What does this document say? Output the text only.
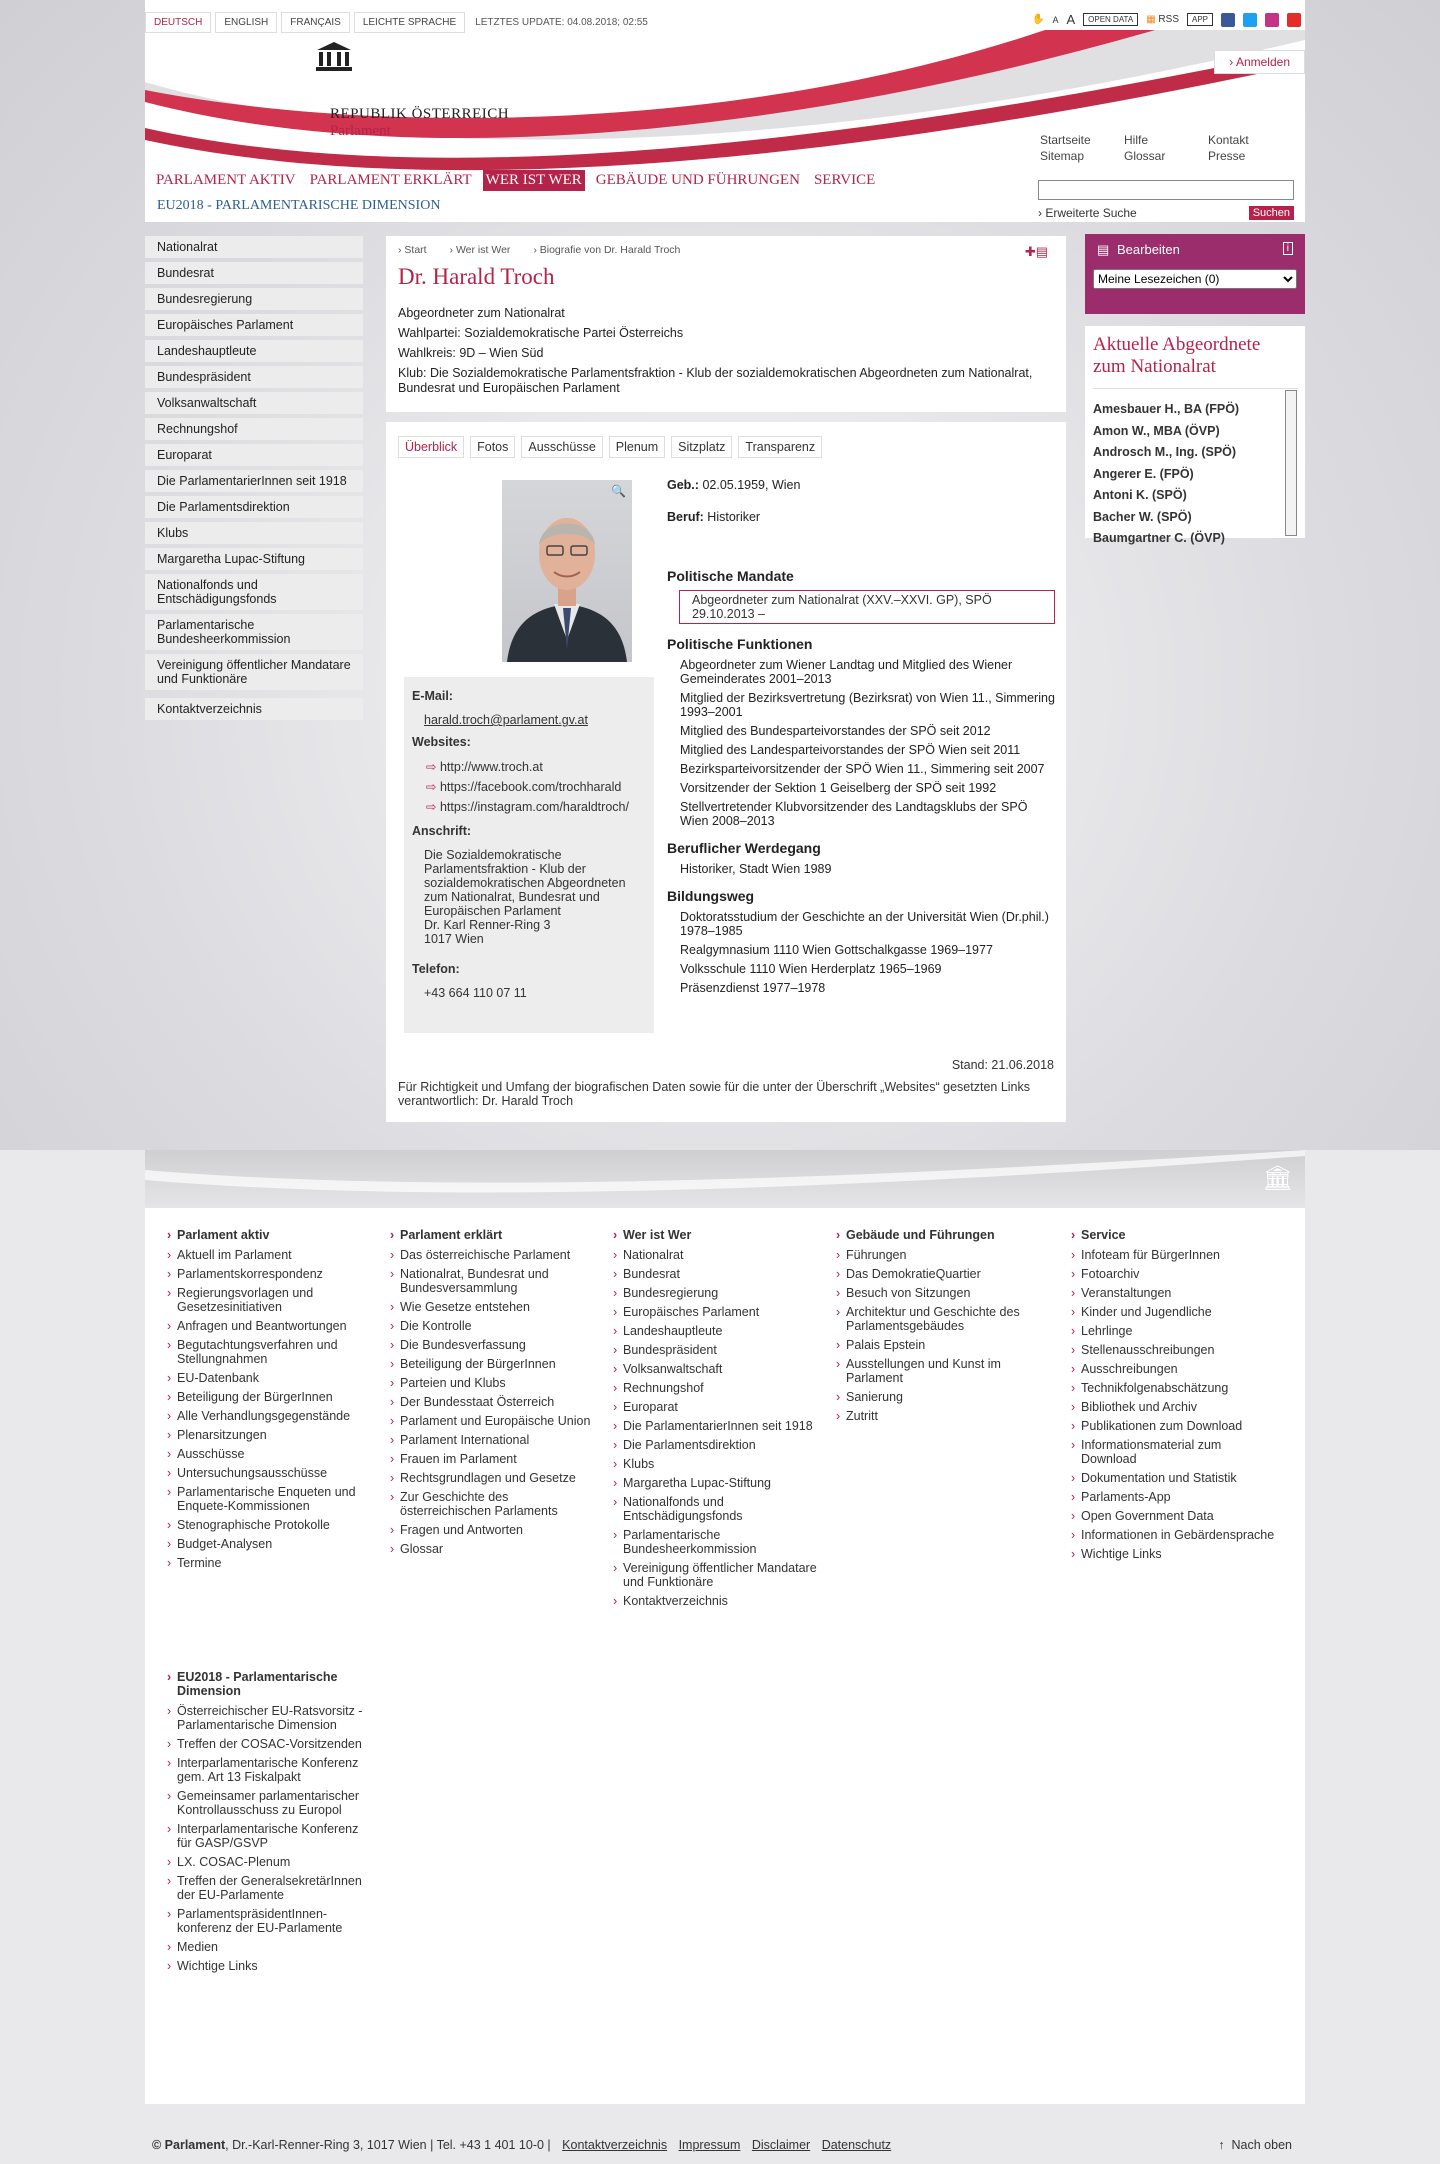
DEUTSCH	ENGLISH	FRANÇAIS	LEICHTE SPRACHE	LETZTES UPDATE: 04.08.2018; 02:55	✋ A A	OPEN DATA	▦ RSS	APP
REPUBLIK ÖSTERREICH
Parlament
› Anmelden
Startseite	Hilfe	Kontakt
Sitemap	Glossar	Presse
PARLAMENT AKTIV PARLAMENT ERKLÄRT WER IST WER GEBÄUDE UND FÜHRUNGEN SERVICE
EU2018 - PARLAMENTARISCHE DIMENSION	› Erweiterte Suche	Suchen
Nationalrat
Bundesrat
Bundesregierung
Europäisches Parlament
Landeshauptleute
Bundespräsident
Volksanwaltschaft
Rechnungshof
Europarat
Die ParlamentarierInnen seit 1918
Die Parlamentsdirektion
Klubs
Margaretha Lupac-Stiftung
Nationalfonds und Entschädigungsfonds
Parlamentarische Bundesheerkommission
Vereinigung öffentlicher Mandatare und Funktionäre
Kontaktverzeichnis
› Start › Wer ist Wer › Biografie von Dr. Harald Troch	✚▤
Dr. Harald Troch

Abgeordneter zum Nationalrat

Wahlpartei: Sozialdemokratische Partei Österreichs

Wahlkreis: 9D – Wien Süd

Klub: Die Sozialdemokratische Parlamentsfraktion - Klub der sozialdemokratischen Abgeordneten zum Nationalrat, Bundesrat und Europäischen Parlament

Überblick	Fotos	Ausschüsse	Plenum	Sitzplatz	Transparenz
🔍
E-Mail:
harald.troch@parlament.gv.at
Websites:
⇨ http://www.troch.at
⇨ https://facebook.com/trochharald
⇨ https://instagram.com/haraldtroch/
Anschrift:
Die Sozialdemokratische Parlamentsfraktion - Klub der sozialdemokratischen Abgeordneten zum Nationalrat, Bundesrat und Europäischen Parlament
Dr. Karl Renner-Ring 3
1017 Wien
Telefon:
+43 664 110 07 11
Geb.: 02.05.1959, Wien
Beruf: Historiker
Politische Mandate
Abgeordneter zum Nationalrat (XXV.–XXVI. GP), SPÖ
29.10.2013 –
Politische Funktionen
Abgeordneter zum Wiener Landtag und Mitglied des Wiener Gemeinderates 2001–2013
Mitglied der Bezirksvertretung (Bezirksrat) von Wien 11., Simmering 1993–2001
Mitglied des Bundesparteivorstandes der SPÖ seit 2012
Mitglied des Landesparteivorstandes der SPÖ Wien seit 2011
Bezirksparteivorsitzender der SPÖ Wien 11., Simmering seit 2007
Vorsitzender der Sektion 1 Geiselberg der SPÖ seit 1992
Stellvertretender Klubvorsitzender des Landtagsklubs der SPÖ Wien 2008–2013
Beruflicher Werdegang
Historiker, Stadt Wien 1989
Bildungsweg
Doktoratsstudium der Geschichte an der Universität Wien (Dr.phil.) 1978–1985
Realgymnasium 1110 Wien Gottschalkgasse 1969–1977
Volksschule 1110 Wien Herderplatz 1965–1969
Präsenzdienst 1977–1978
Stand: 21.06.2018
Für Richtigkeit und Umfang der biografischen Daten sowie für die unter der Überschrift „Websites“ gesetzten Links verantwortlich: Dr. Harald Troch
▤ Bearbeiten	i
Meine Lesezeichen (0)
Aktuelle Abgeordnete zum Nationalrat
Amesbauer H., BA (FPÖ)
Amon W., MBA (ÖVP)
Androsch M., Ing. (SPÖ)
Angerer E. (FPÖ)
Antoni K. (SPÖ)
Bacher W. (SPÖ)
Baumgartner C. (ÖVP)
🏛
› Parlament aktiv
› Aktuell im Parlament
› Parlamentskorrespondenz
› Regierungsvorlagen und Gesetzesinitiativen
› Anfragen und Beantwortungen
› Begutachtungsverfahren und Stellungnahmen
› EU-Datenbank
› Beteiligung der BürgerInnen
› Alle Verhandlungsgegenstände
› Plenarsitzungen
› Ausschüsse
› Untersuchungsausschüsse
› Parlamentarische Enqueten und Enquete-Kommissionen
› Stenographische Protokolle
› Budget-Analysen
› Termine
› Parlament erklärt
› Das österreichische Parlament
› Nationalrat, Bundesrat und Bundesversammlung
› Wie Gesetze entstehen
› Die Kontrolle
› Die Bundesverfassung
› Beteiligung der BürgerInnen
› Parteien und Klubs
› Der Bundesstaat Österreich
› Parlament und Europäische Union
› Parlament International
› Frauen im Parlament
› Rechtsgrundlagen und Gesetze
› Zur Geschichte des österreichischen Parlaments
› Fragen und Antworten
› Glossar
› Wer ist Wer
› Nationalrat
› Bundesrat
› Bundesregierung
› Europäisches Parlament
› Landeshauptleute
› Bundespräsident
› Volksanwaltschaft
› Rechnungshof
› Europarat
› Die ParlamentarierInnen seit 1918
› Die Parlamentsdirektion
› Klubs
› Margaretha Lupac-Stiftung
› Nationalfonds und Entschädigungsfonds
› Parlamentarische Bundesheerkommission
› Vereinigung öffentlicher Mandatare und Funktionäre
› Kontaktverzeichnis
› Gebäude und Führungen
› Führungen
› Das DemokratieQuartier
› Besuch von Sitzungen
› Architektur und Geschichte des Parlamentsgebäudes
› Palais Epstein
› Ausstellungen und Kunst im Parlament
› Sanierung
› Zutritt
› Service
› Infoteam für BürgerInnen
› Fotoarchiv
› Veranstaltungen
› Kinder und Jugendliche
› Lehrlinge
› Stellenausschreibungen
› Ausschreibungen
› Technikfolgenabschätzung
› Bibliothek und Archiv
› Publikationen zum Download
› Informationsmaterial zum Download
› Dokumentation und Statistik
› Parlaments-App
› Open Government Data
› Informationen in Gebärdensprache
› Wichtige Links
› EU2018 - Parlamentarische Dimension
› Österreichischer EU-Ratsvorsitz - Parlamentarische Dimension
› Treffen der COSAC-Vorsitzenden
› Interparlamentarische Konferenz gem. Art 13 Fiskalpakt
› Gemeinsamer parlamentarischer Kontrollausschuss zu Europol
› Interparlamentarische Konferenz für GASP/GSVP
› LX. COSAC-Plenum
› Treffen der GeneralsekretärInnen der EU-Parlamente
› ParlamentspräsidentInnen-konferenz der EU-Parlamente
› Medien
› Wichtige Links
© Parlament, Dr.-Karl-Renner-Ring 3, 1017 Wien | Tel. +43 1 401 10-0 | Kontaktverzeichnis Impressum Disclaimer Datenschutz	↑ Nach oben
